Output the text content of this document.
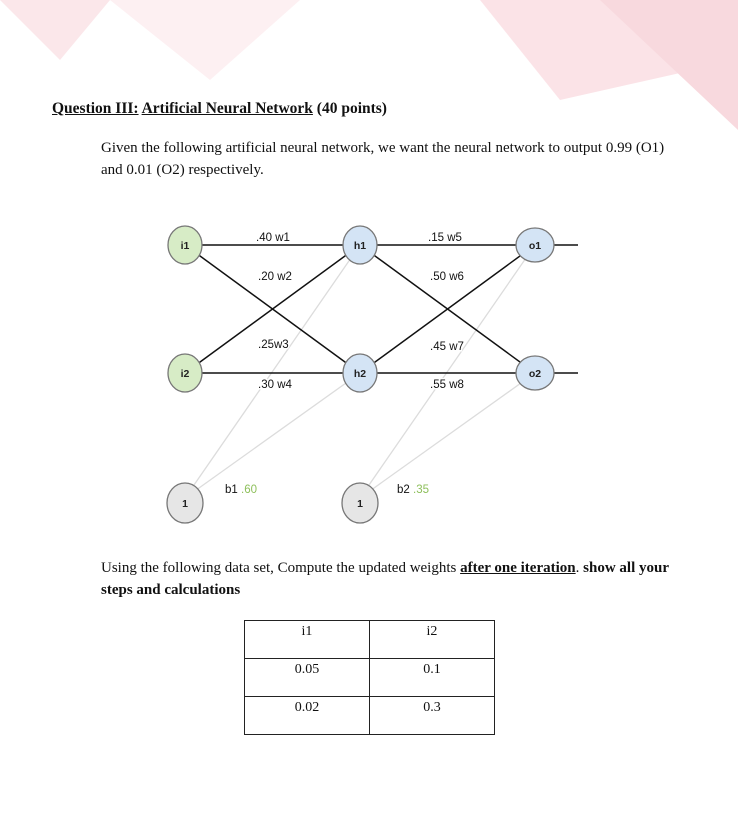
Question III: Artificial Neural Network (40 points)

Given the following artificial neural network, we want the neural network to output 0.99 (O1) and 0.01 (O2) respectively.

.40 w1
.20 w2
.25w3
.30 w4
.15 w5
.50 w6
.45 w7
.55 w8
b1 .60	b2 .35
i1
i2
h1
h2
o1
o2
1	1

Using the following data set, Compute the updated weights after one iteration. show all your steps and calculations

i1	i2
0.05	0.1
0.02	0.3
